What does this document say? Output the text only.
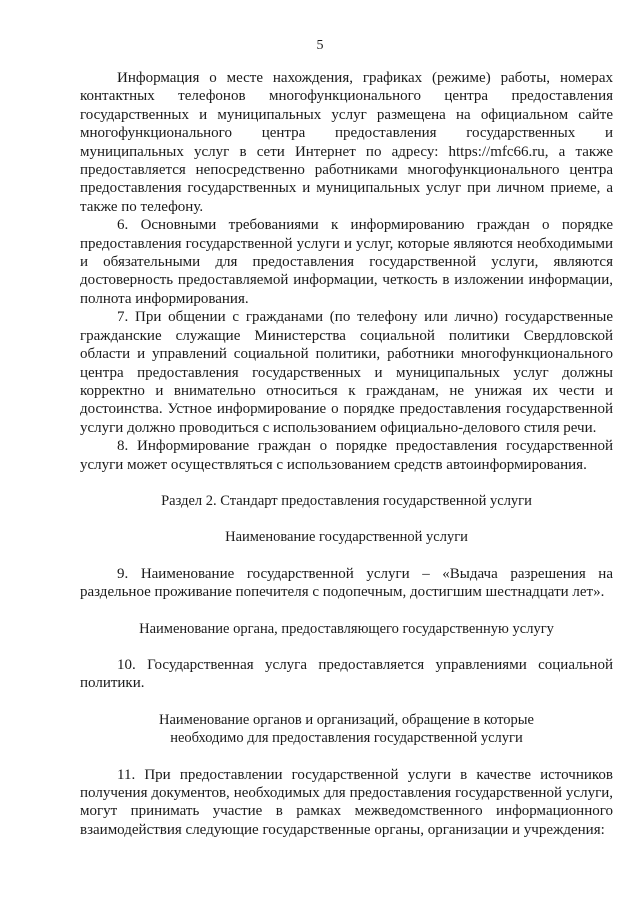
5

Информация о месте нахождения, графиках (режиме) работы, номерах контактных телефонов многофункционального центра предоставления государственных и муниципальных услуг размещена на официальном сайте многофункционального центра предоставления государственных и муниципальных услуг в сети Интернет по адресу: https://mfc66.ru, а также предоставляется непосредственно работниками многофункционального центра предоставления государственных и муниципальных услуг при личном приеме, а также по телефону.

6. Основными требованиями к информированию граждан о порядке предоставления государственной услуги и услуг, которые являются необходимыми и обязательными для предоставления государственной услуги, являются достоверность предоставляемой информации, четкость в изложении информации, полнота информирования.

7. При общении с гражданами (по телефону или лично) государственные гражданские служащие Министерства социальной политики Свердловской области и управлений социальной политики, работники многофункционального центра предоставления государственных и муниципальных услуг должны корректно и внимательно относиться к гражданам, не унижая их чести и достоинства. Устное информирование о порядке предоставления государственной услуги должно проводиться с использованием официально-делового стиля речи.

8. Информирование граждан о порядке предоставления государственной услуги может осуществляться с использованием средств автоинформирования.

Раздел 2. Стандарт предоставления государственной услуги

Наименование государственной услуги

9. Наименование государственной услуги – «Выдача разрешения на раздельное проживание попечителя с подопечным, достигшим шестнадцати лет».

Наименование органа, предоставляющего государственную услугу

10. Государственная услуга предоставляется управлениями социальной политики.

Наименование органов и организаций, обращение в которые

необходимо для предоставления государственной услуги

11. При предоставлении государственной услуги в качестве источников получения документов, необходимых для предоставления государственной услуги, могут принимать участие в рамках межведомственного информационного взаимодействия следующие государственные органы, организации и учреждения:
